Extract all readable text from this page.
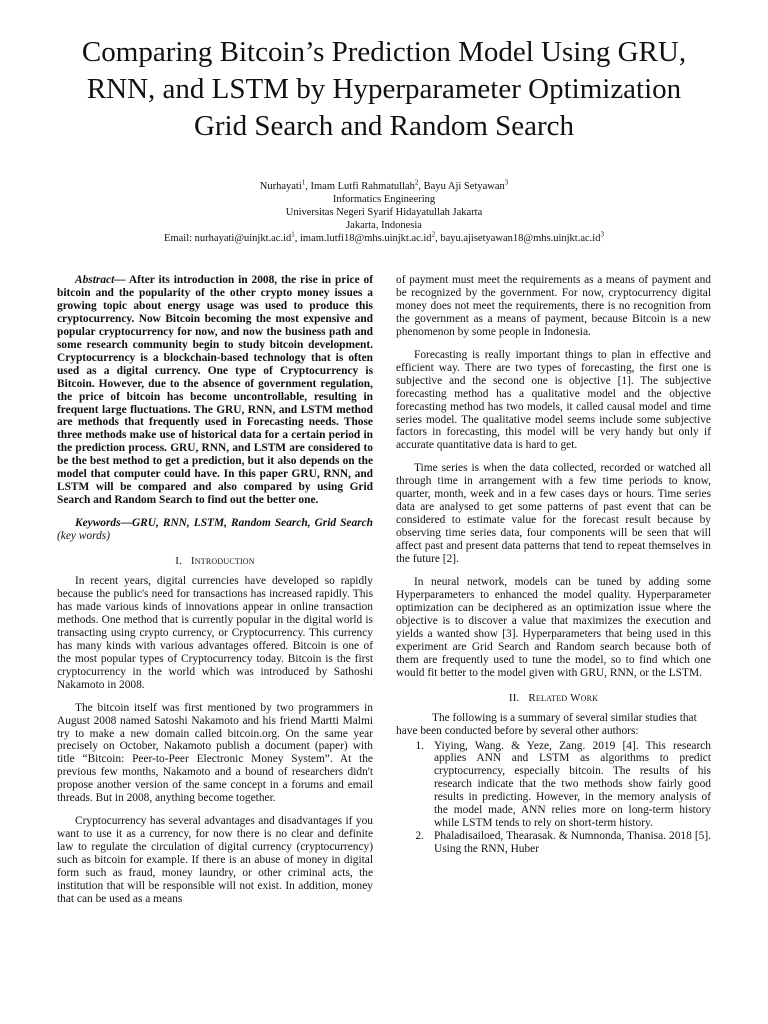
Comparing Bitcoin’s Prediction Model Using GRU,
RNN, and LSTM by Hyperparameter Optimization
Grid Search and Random Search
Nurhayati$^1$, Imam Lutfi Rahmatullah$^2$, Bayu Aji Setyawan$^3$
Informatics Engineering
Universitas Negeri Syarif Hidayatullah Jakarta
Jakarta, Indonesia
Email: $nurhayati@uinjkt.ac.id^1$, $imam.lutfi18@mhs.uinjkt.ac.id^2$, $bayu.ajisetyawan18@mhs.uinjkt.ac.id^3$

Abstract— After its introduction in 2008, the rise in price of bitcoin and the popularity of the other crypto money issues a growing topic about energy usage was used to produce this cryptocurrency. Now Bitcoin becoming the most expensive and popular cryptocurrency for now, and now the business path and some research community begin to study bitcoin development. Cryptocurrency is a blockchain-based technology that is often used as a digital currency. One type of Cryptocurrency is Bitcoin. However, due to the absence of government regulation, the price of bitcoin has become uncontrollable, resulting in frequent large fluctuations. The GRU, RNN, and LSTM method are methods that frequently used in Forecasting needs. Those three methods make use of historical data for a certain period in the prediction process. GRU, RNN, and LSTM are considered to be the best method to get a prediction, but it also depends on the model that computer could have. In this paper GRU, RNN, and LSTM will be compared and also compared by using Grid Search and Random Search to find out the better one.

Keywords—GRU, RNN, LSTM, Random Search, Grid Search (key words)

I. Introduction

In recent years, digital currencies have developed so rapidly because the public's need for transactions has increased rapidly. This has made various kinds of innovations appear in online transaction methods. One method that is currently popular in the digital world is transacting using crypto currency, or Cryptocurrency. This currency has many kinds with various advantages offered. Bitcoin is one of the most popular types of Cryptocurrency today. Bitcoin is the first cryptocurrency in the world which was introduced by Sathoshi Nakamoto in 2008.

The bitcoin itself was first mentioned by two programmers in August 2008 named Satoshi Nakamoto and his friend Martti Malmi try to make a new domain called bitcoin.org. On the same year precisely on October, Nakamoto publish a document (paper) with title “Bitcoin: Peer-to-Peer Electronic Money System”. At the previous few months, Nakamoto and a bound of researchers didn't propose another version of the same concept in a forums and email threads. But in 2008, anything become together.

Cryptocurrency has several advantages and disadvantages if you want to use it as a currency, for now there is no clear and definite law to regulate the circulation of digital currency (cryptocurrency) such as bitcoin for example. If there is an abuse of money in digital form such as fraud, money laundry, or other criminal acts, the institution that will be responsible will not exist. In addition, money that can be used as a means

of payment must meet the requirements as a means of payment and be recognized by the government. For now, cryptocurrency digital money does not meet the requirements, there is no recognition from the government as a means of payment, because Bitcoin is a new phenomenon by some people in Indonesia.

Forecasting is really important things to plan in effective and efficient way. There are two types of forecasting, the first one is subjective and the second one is objective [1]. The subjective forecasting method has a qualitative model and the objective forecasting method has two models, it called causal model and time series model. The qualitative model seems include some subjective factors in forecasting, this model will be very handy but only if accurate quantitative data is hard to get.

Time series is when the data collected, recorded or watched all through time in arrangement with a few time periods to know, quarter, month, week and in a few cases days or hours. Time series data are analysed to get some patterns of past event that can be considered to estimate value for the forecast result because by observing time series data, four components will be seen that will affect past and present data patterns that tend to repeat themselves in the future [2].

In neural network, models can be tuned by adding some Hyperparameters to enhanced the model quality. Hyperparameter optimization can be deciphered as an optimization issue where the objective is to discover a value that maximizes the execution and yields a wanted show [3]. Hyperparameters that being used in this experiment are Grid Search and Random search because both of them are frequently used to tune the model, so to find which one would fit better to the model given with GRU, RNN, or the LSTM.

II. Related Work

The following is a summary of several similar studies that have been conducted before by several other authors:

1. Yiying, Wang. & Yeze, Zang. 2019 [4]. This research applies ANN and LSTM as algorithms to predict cryptocurrency, especially bitcoin. The results of his research indicate that the two methods show fairly good results in predicting. However, in the memory analysis of the model made, ANN relies more on long-term history while LSTM tends to rely on short-term history.
2. Phaladisailoed, Thearasak. & Numnonda, Thanisa. 2018 [5]. Using the RNN, Huber
